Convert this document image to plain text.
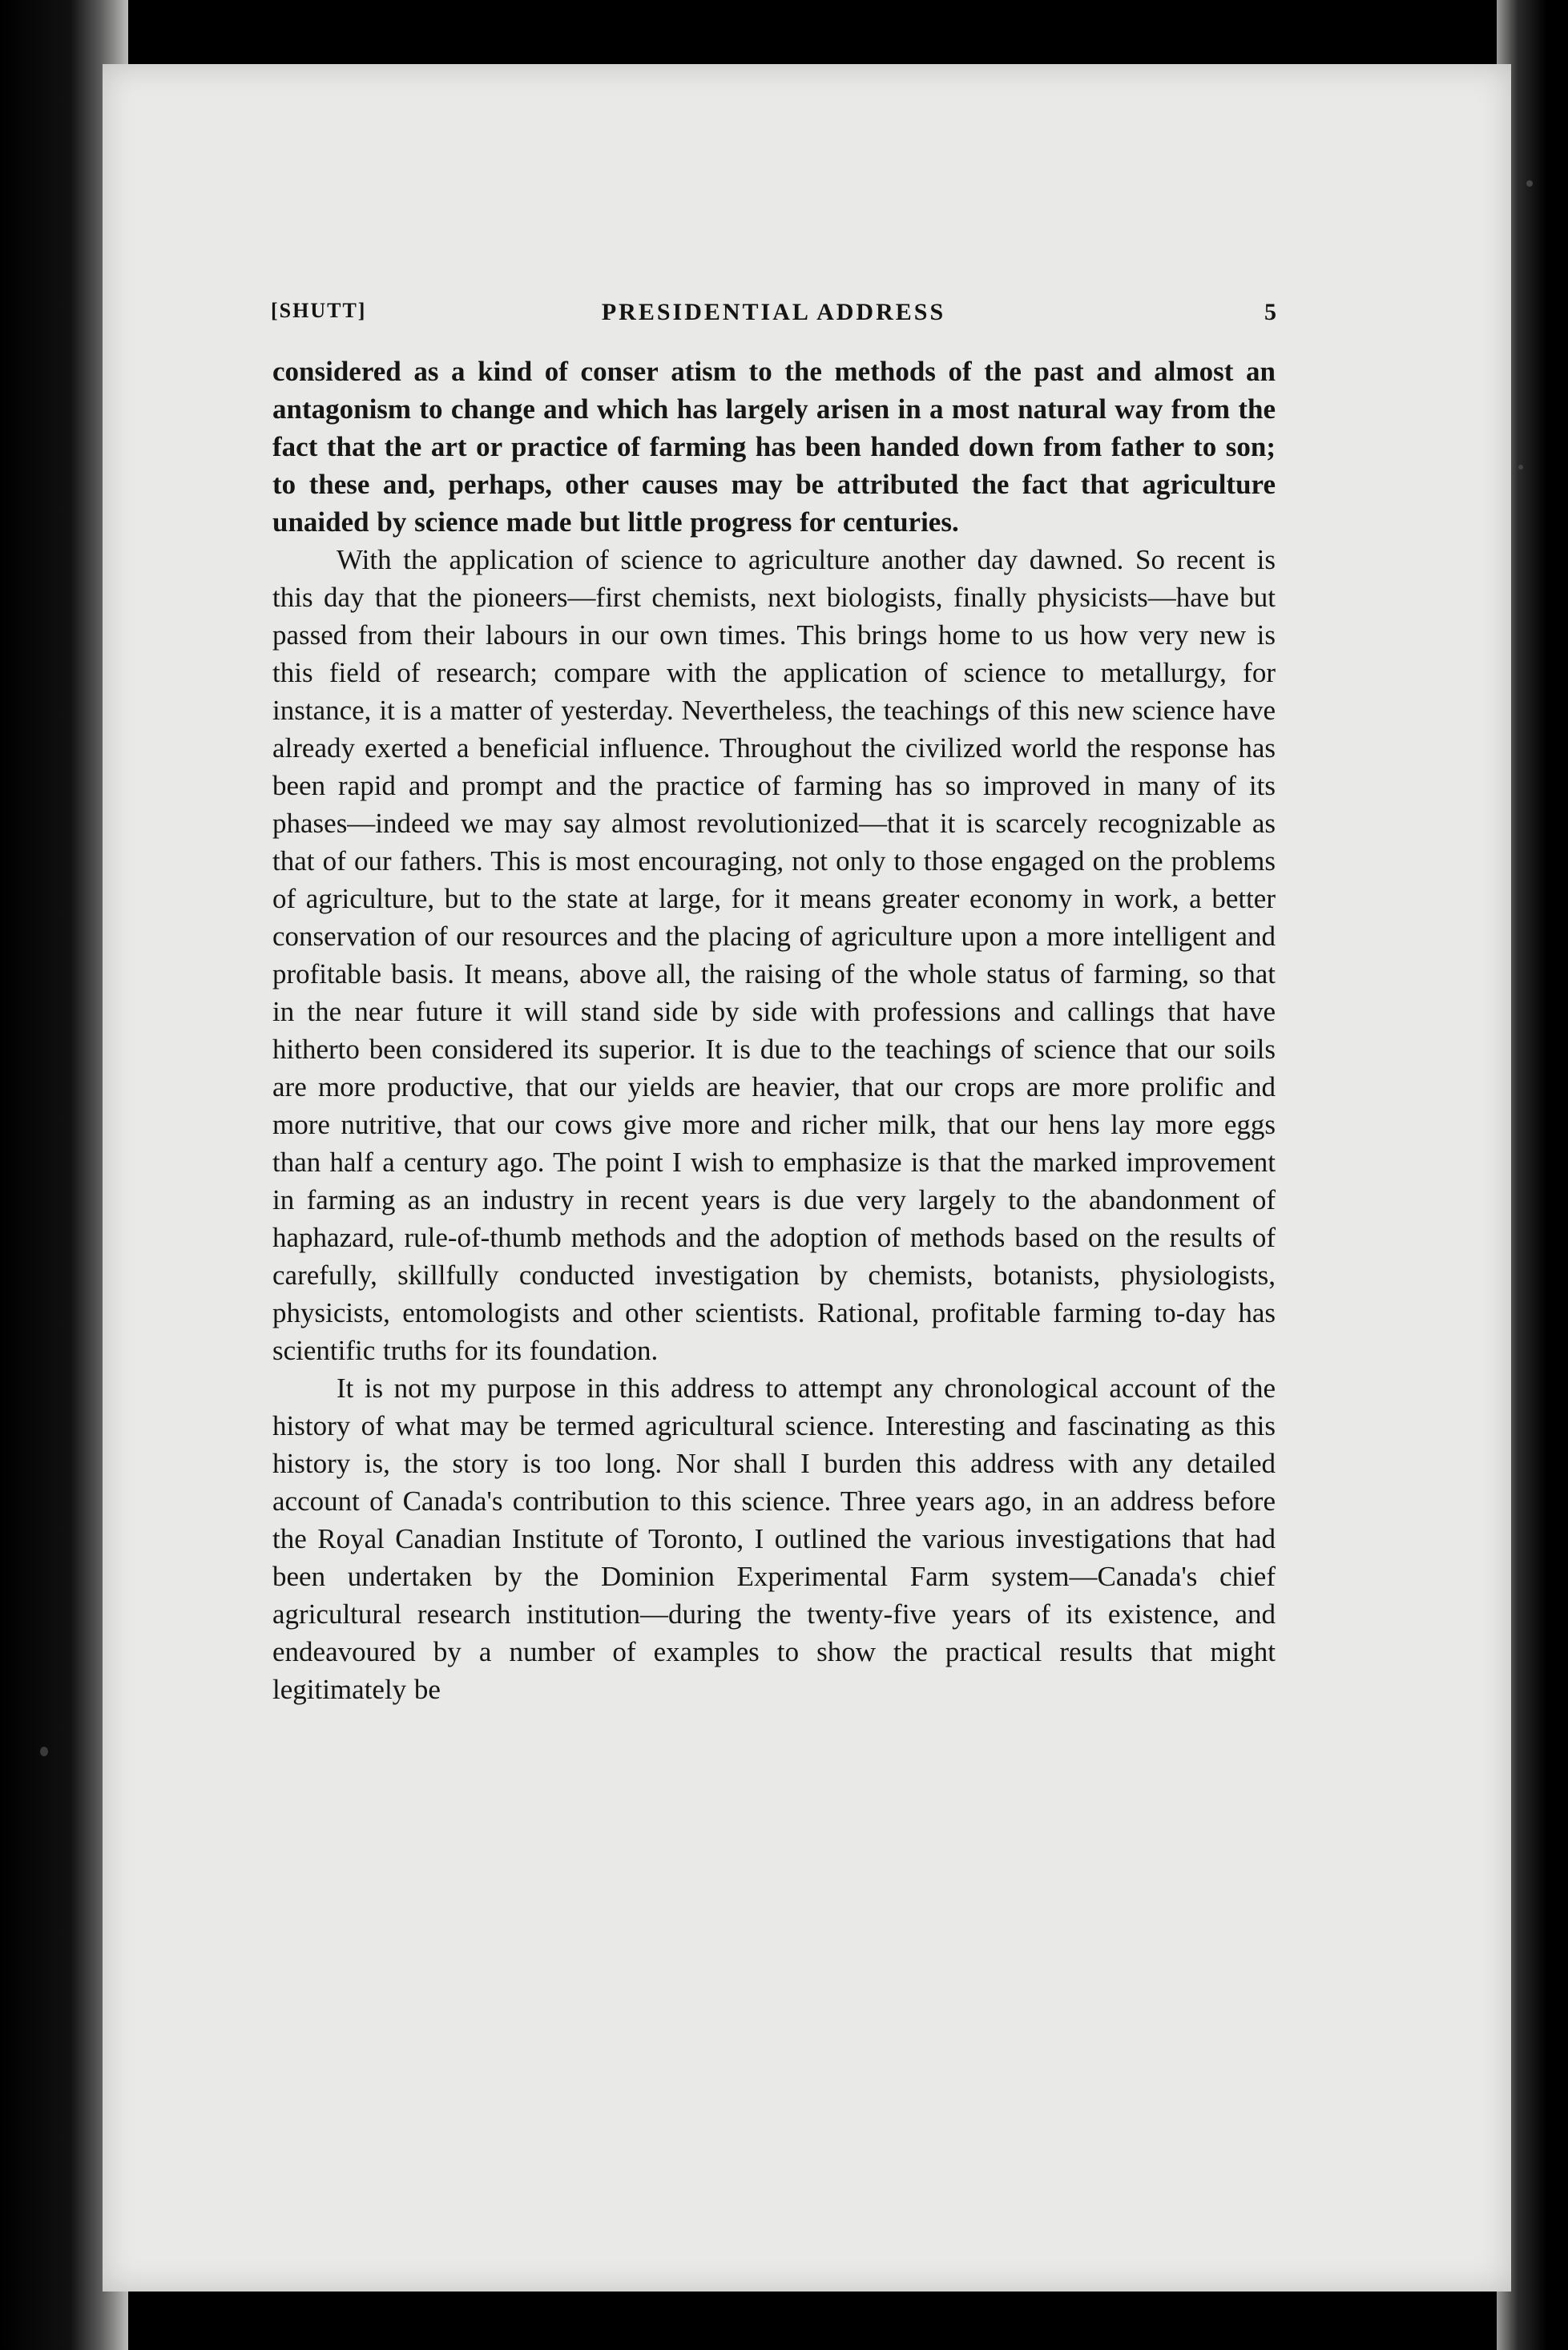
[SHUTT]	PRESIDENTIAL ADDRESS	5

considered as a kind of conser atism to the methods of the past and almost an antagonism to change and which has largely arisen in a most natural way from the fact that the art or practice of farming has been handed down from father to son; to these and, perhaps, other causes may be attributed the fact that agriculture unaided by science made but little progress for centuries.

With the application of science to agriculture another day dawned. So recent is this day that the pioneers—first chemists, next biologists, finally physicists—have but passed from their labours in our own times. This brings home to us how very new is this field of research; compare with the application of science to metallurgy, for instance, it is a matter of yesterday. Nevertheless, the teachings of this new science have already exerted a beneficial influence. Throughout the civilized world the response has been rapid and prompt and the practice of farming has so improved in many of its phases—indeed we may say almost revolutionized—that it is scarcely recognizable as that of our fathers. This is most encouraging, not only to those engaged on the problems of agriculture, but to the state at large, for it means greater economy in work, a better conservation of our resources and the placing of agriculture upon a more intelligent and profitable basis. It means, above all, the raising of the whole status of farming, so that in the near future it will stand side by side with professions and callings that have hitherto been considered its superior. It is due to the teachings of science that our soils are more productive, that our yields are heavier, that our crops are more prolific and more nutritive, that our cows give more and richer milk, that our hens lay more eggs than half a century ago. The point I wish to emphasize is that the marked improvement in farming as an industry in recent years is due very largely to the abandonment of haphazard, rule-of-thumb methods and the adoption of methods based on the results of carefully, skillfully conducted investigation by chemists, botanists, physiologists, physicists, entomologists and other scientists. Rational, profitable farming to-day has scientific truths for its foundation.

It is not my purpose in this address to attempt any chronological account of the history of what may be termed agricultural science. Interesting and fascinating as this history is, the story is too long. Nor shall I burden this address with any detailed account of Canada's contribution to this science. Three years ago, in an address before the Royal Canadian Institute of Toronto, I outlined the various investigations that had been undertaken by the Dominion Experimental Farm system—Canada's chief agricultural research institution—during the twenty-five years of its existence, and endeavoured by a number of examples to show the practical results that might legitimately be
